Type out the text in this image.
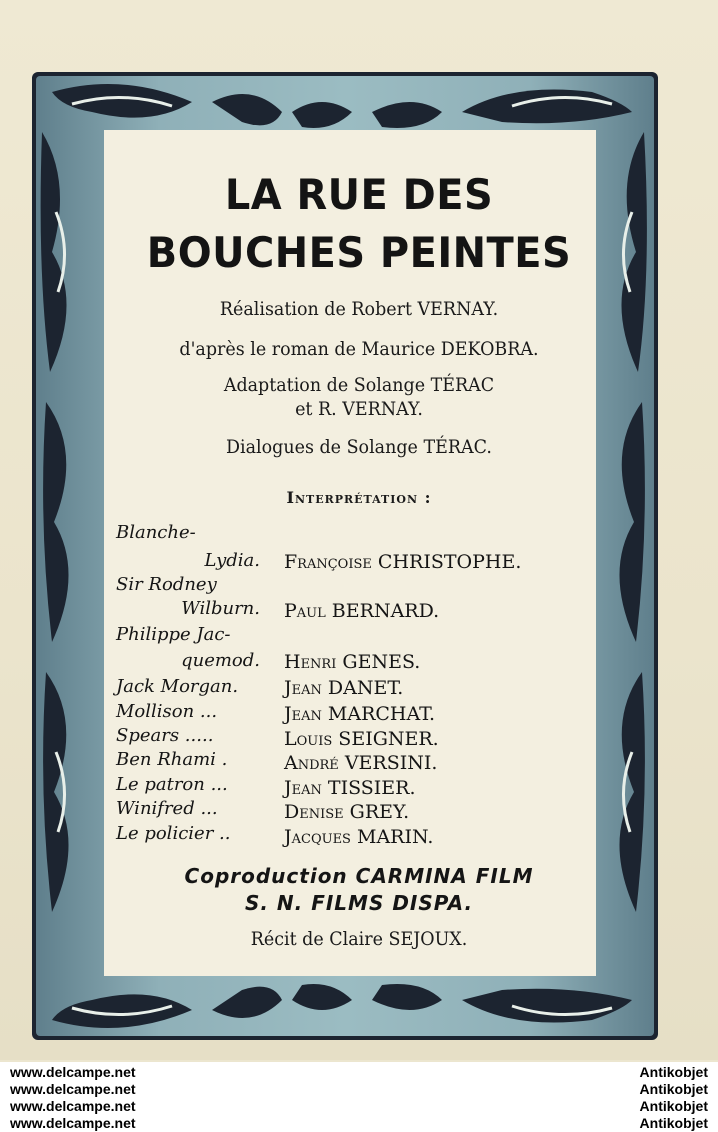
LA RUE DES
BOUCHES PEINTES
Réalisation de Robert VERNAY.
d'après le roman de Maurice DEKOBRA.
Adaptation de Solange TÉRAC
et R. VERNAY.
Dialogues de Solange TÉRAC.
Interprétation :
Blanche-
Lydia. Françoise CHRISTOPHE.
Sir Rodney
Wilburn. Paul BERNARD.
Philippe Jac-
quemod. Henri GENES.
Jack Morgan.	Jean DANET.
Mollison ...	Jean MARCHAT.
Spears .....	Louis SEIGNER.
Ben Rhami .	André VERSINI.
Le patron ...	Jean TISSIER.
Winifred ...	Denise GREY.
Le policier ..	Jacques MARIN.
Coproduction CARMINA FILM
S. N. FILMS DISPA.
Récit de Claire SEJOUX.
www.delcampe.net
www.delcampe.net
www.delcampe.net
www.delcampe.net
Antikobjet
Antikobjet
Antikobjet
Antikobjet
